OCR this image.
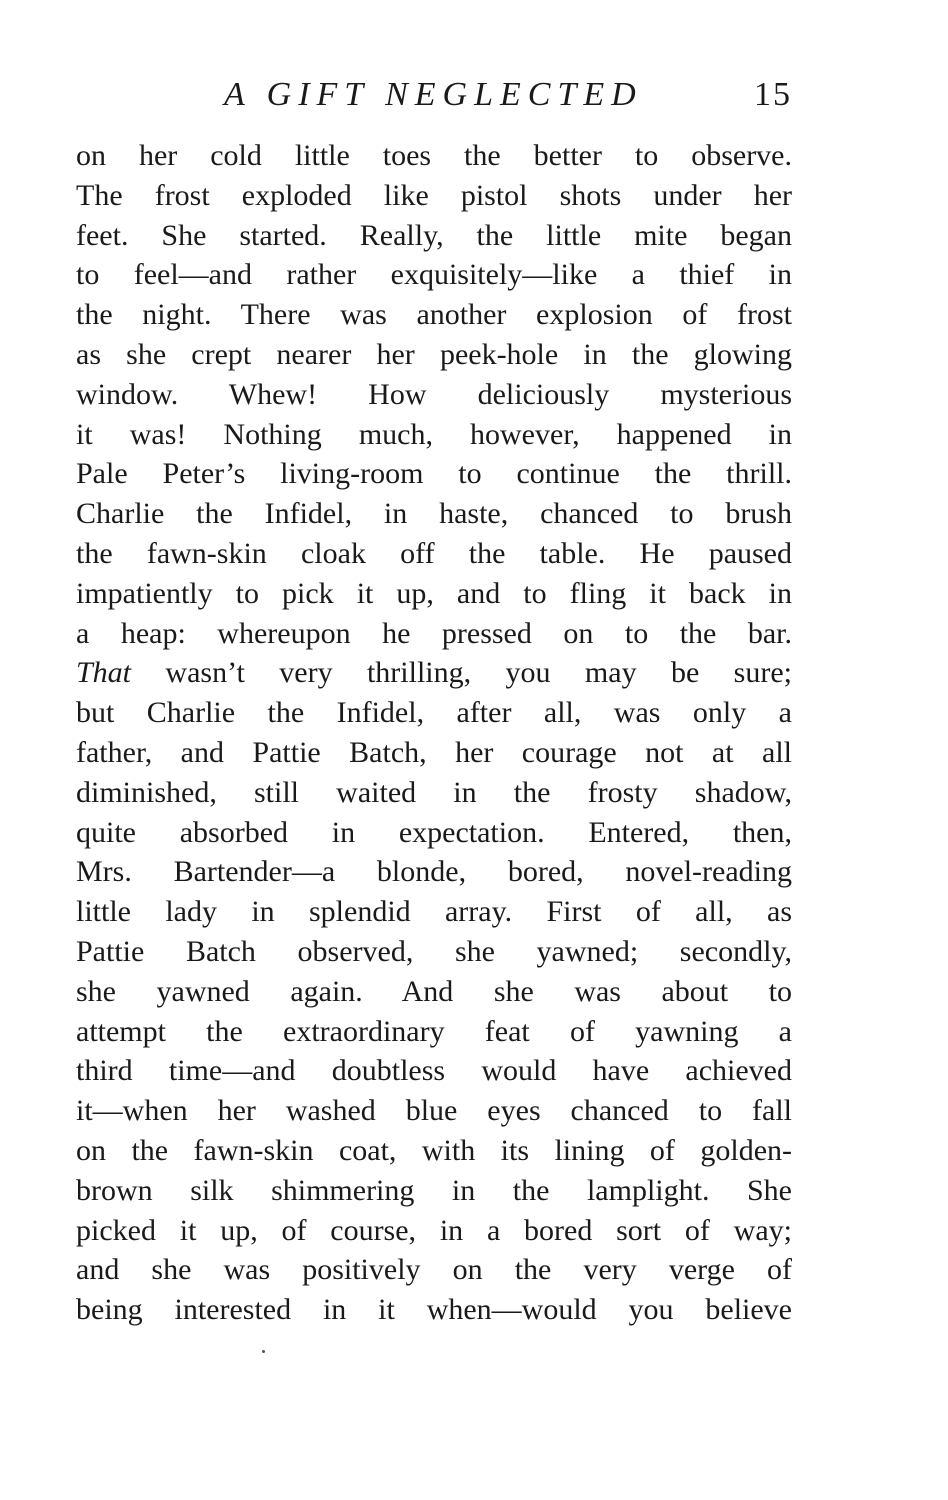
A GIFT NEGLECTED	15
on her cold little toes the better to observe.
The frost exploded like pistol shots under her
feet. She started. Really, the little mite began
to feel—and rather exquisitely—like a thief in
the night. There was another explosion of frost
as she crept nearer her peek-hole in the glowing
window. Whew! How deliciously mysterious
it was! Nothing much, however, happened in
Pale Peter’s living-room to continue the thrill.
Charlie the Infidel, in haste, chanced to brush
the fawn-skin cloak off the table. He paused
impatiently to pick it up, and to fling it back in
a heap: whereupon he pressed on to the bar.
That wasn’t very thrilling, you may be sure;
but Charlie the Infidel, after all, was only a
father, and Pattie Batch, her courage not at all
diminished, still waited in the frosty shadow,
quite absorbed in expectation. Entered, then,
Mrs. Bartender—a blonde, bored, novel-reading
little lady in splendid array. First of all, as
Pattie Batch observed, she yawned; secondly,
she yawned again. And she was about to
attempt the extraordinary feat of yawning a
third time—and doubtless would have achieved
it—when her washed blue eyes chanced to fall
on the fawn-skin coat, with its lining of golden-
brown silk shimmering in the lamplight. She
picked it up, of course, in a bored sort of way;
and she was positively on the very verge of
being interested in it when—would you believe
